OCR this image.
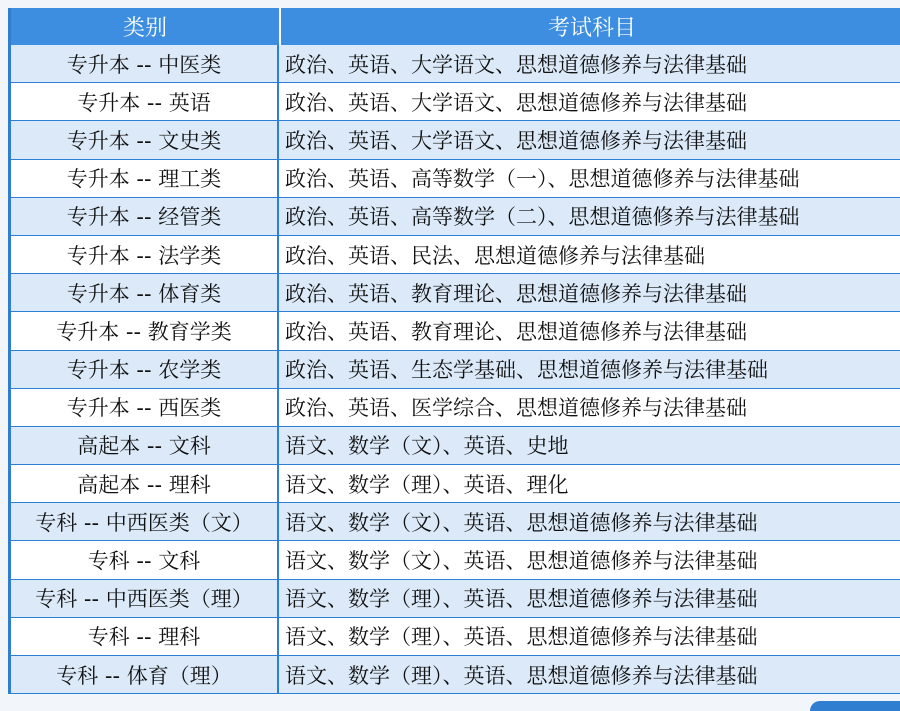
类别	考试科目
专升本 -- 中医类	政治、英语、大学语文、思想道德修养与法律基础
专升本 -- 英语	政治、英语、大学语文、思想道德修养与法律基础
专升本 -- 文史类	政治、英语、大学语文、思想道德修养与法律基础
专升本 -- 理工类	政治、英语、高等数学（一）、思想道德修养与法律基础
专升本 -- 经管类	政治、英语、高等数学（二）、思想道德修养与法律基础
专升本 -- 法学类	政治、英语、民法、思想道德修养与法律基础
专升本 -- 体育类	政治、英语、教育理论、思想道德修养与法律基础
专升本 -- 教育学类	政治、英语、教育理论、思想道德修养与法律基础
专升本 -- 农学类	政治、英语、生态学基础、思想道德修养与法律基础
专升本 -- 西医类	政治、英语、医学综合、思想道德修养与法律基础
高起本 -- 文科	语文、数学（文）、英语、史地
高起本 -- 理科	语文、数学（理）、英语、理化
专科 -- 中西医类（文）	语文、数学（文）、英语、思想道德修养与法律基础
专科 -- 文科	语文、数学（文）、英语、思想道德修养与法律基础
专科 -- 中西医类（理）	语文、数学（理）、英语、思想道德修养与法律基础
专科 -- 理科	语文、数学（理）、英语、思想道德修养与法律基础
专科 -- 体育（理）	语文、数学（理）、英语、思想道德修养与法律基础
